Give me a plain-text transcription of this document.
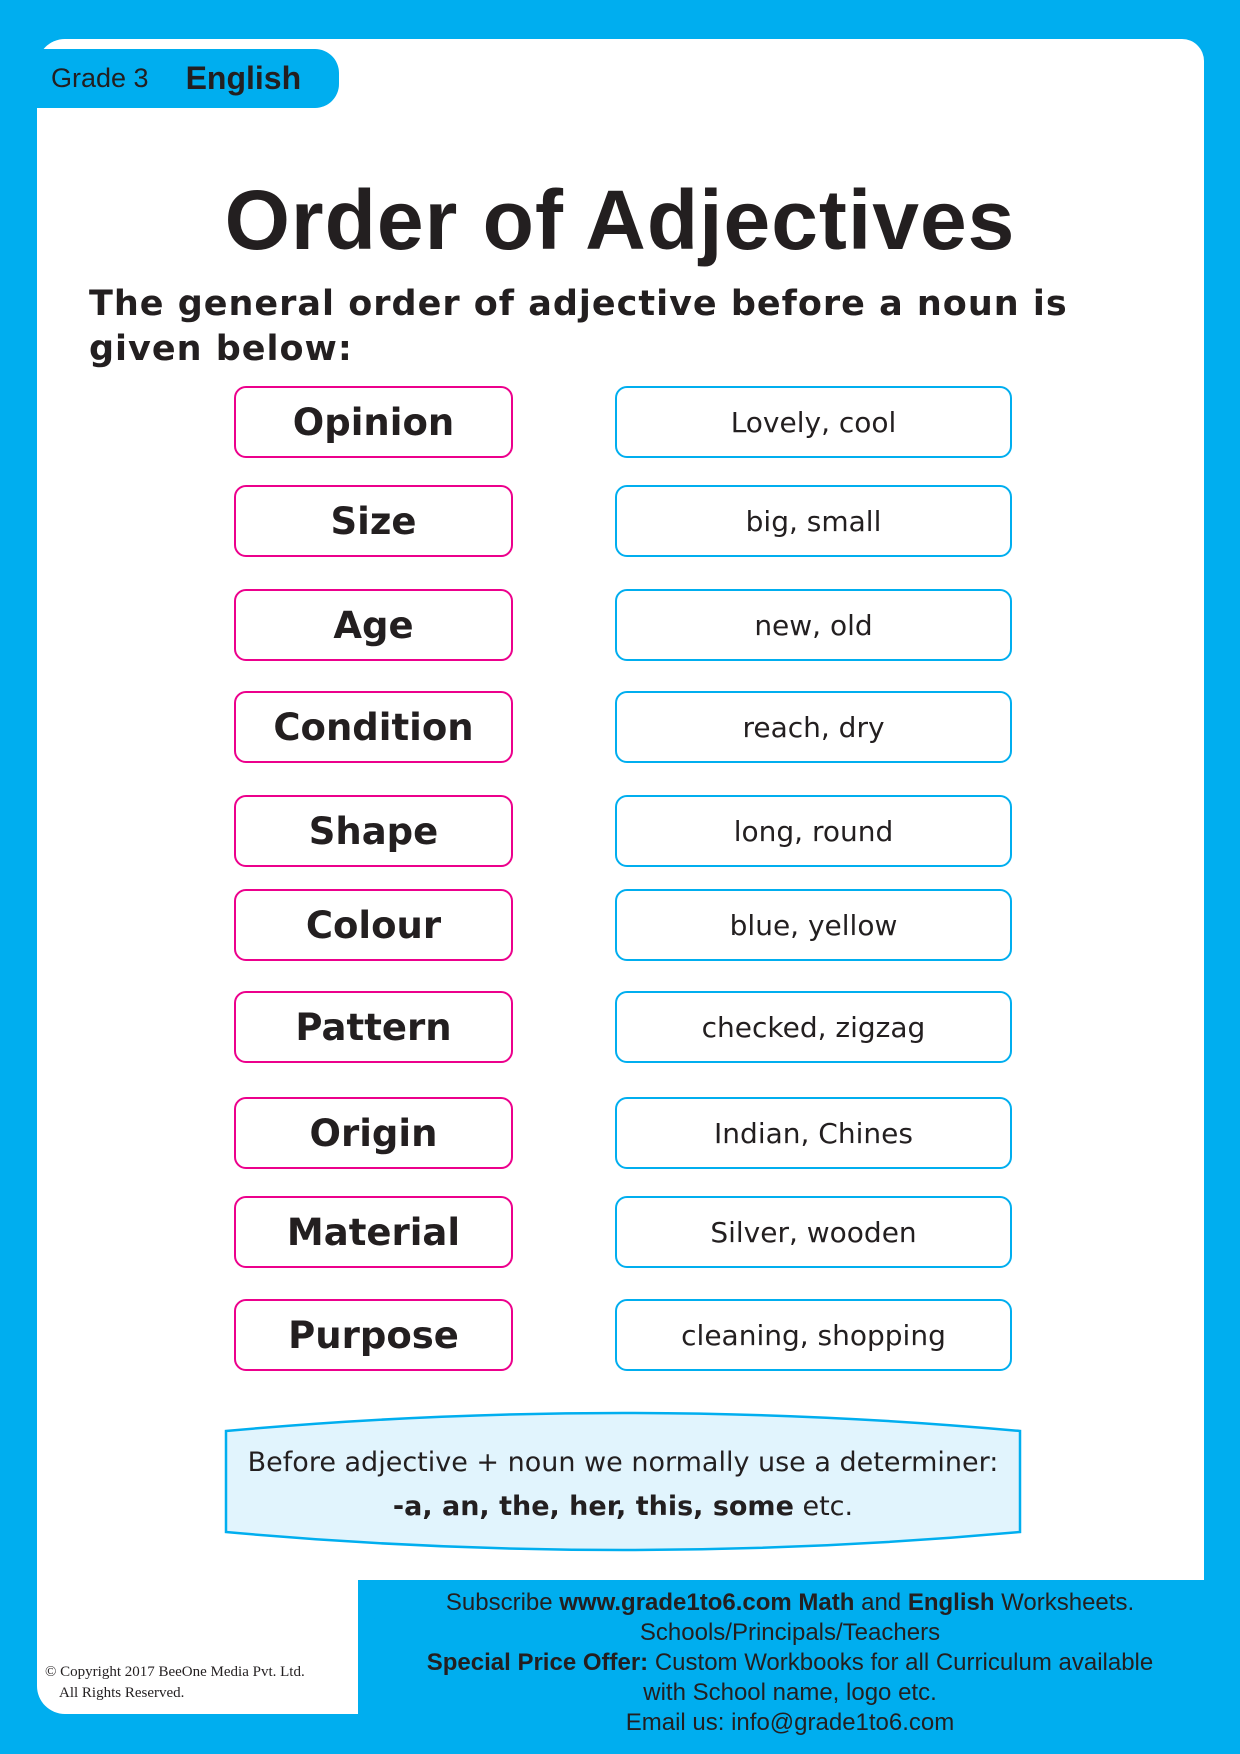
Grade 3 English
Order of Adjectives
The general order of adjective before a noun is given below:
Opinion	Lovely, cool
Size	big, small
Age	new, old
Condition	reach, dry
Shape	long, round
Colour	blue, yellow
Pattern	checked, zigzag
Origin	Indian, Chines
Material	Silver, wooden
Purpose	cleaning, shopping
Before adjective + noun we normally use a determiner:
-a, an, the, her, this, some etc.
Subscribe www.grade1to6.com Math and English Worksheets.
Schools/Principals/Teachers
Special Price Offer: Custom Workbooks for all Curriculum available
with School name, logo etc.
Email us: info@grade1to6.com
© Copyright 2017 BeeOne Media Pvt. Ltd.
All Rights Reserved.
